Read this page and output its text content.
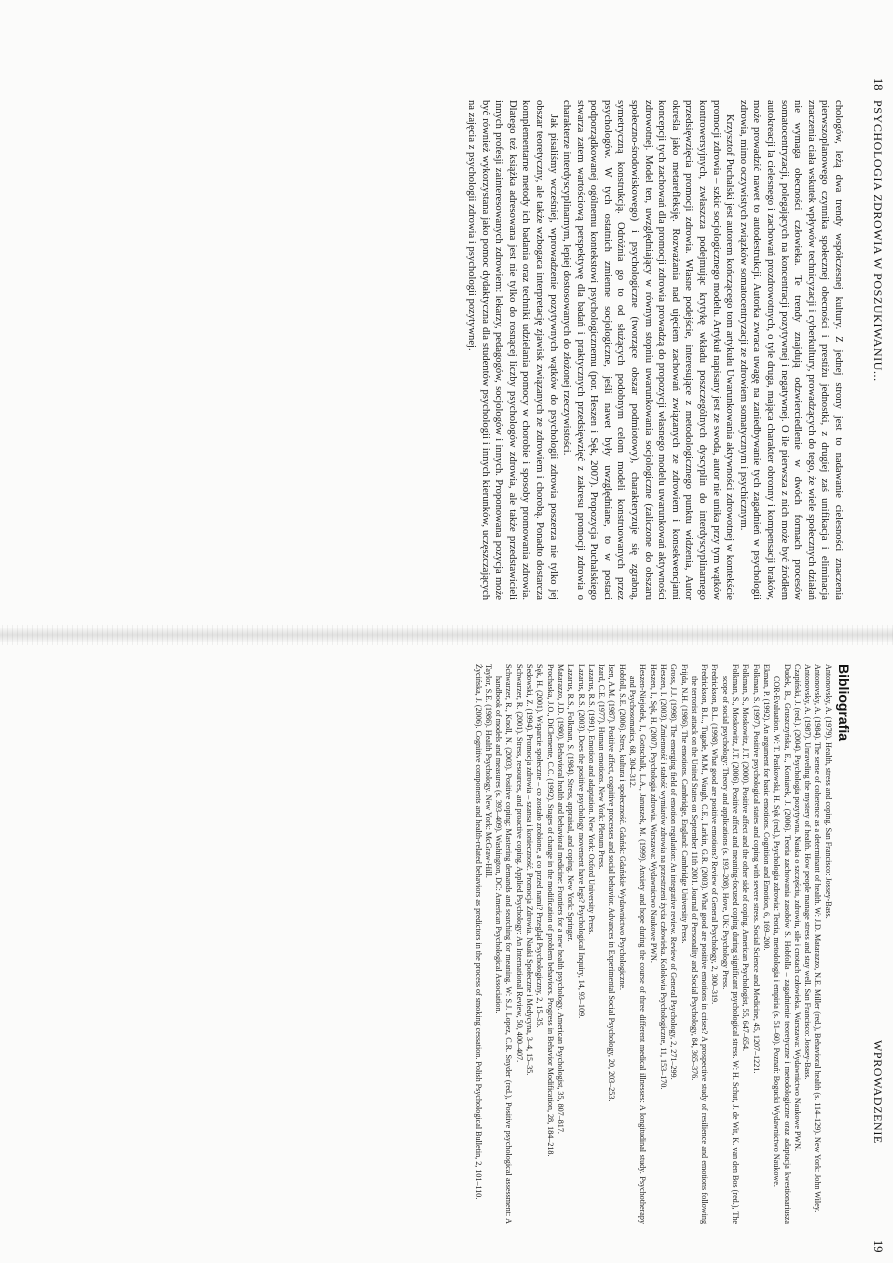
18
PSYCHOLOGIA ZDROWIA W POSZUKIWANIU...

chologów, leżą dwa trendy współczesnej kultury. Z jednej strony jest to nadawanie cielesności znaczenia pierwszoplanowego czynnika społecznej obecności i prestiżu jednostki, z drugiej zaś unifikacja i eliminacja znaczenia ciała wskutek wpływów technicyzacji i cyberkultury, prowadzących do tego, że wiele społecznych działań nie wymaga obecności człowieka. Te trendy znajdują odzwierciedlenie w dwóch formach procesów somatocentryzacji, polegających na koncentracji pozytywnej i negatywnej. O ile pierwsza z nich może być źródłem autokreacji la cielesnego i zachowań prozdrowotnych, o tyle druga, mająca charakter obronny i kompensacji braków, może prowadzić nawet to autodestrukcji. Autorka zwraca uwagę na zaniedbywanie tych zagadnień w psychologii zdrowia, mimo oczywistych związków somatocentryzacji ze zdrowiem somatycznym i psychicznym.

Krzysztof Puchalski jest autorem kończącego tom artykułu Uwarunkowania aktywności zdrowotnej w kontekście promocji zdrowia – szkic socjologicznego modelu. Artykuł napisany jest ze swoda, autor nie unika przy tym wątków kontrowersyjnych, zwłaszcza podejmując krytykę wkładu poszczególnych dyscyplin do interdyscyplinarnego przedsięwzięcia promocji zdrowia. Własne podejście, interesujące z metodologicznego punktu widzenia, Autor określa jako metarefleksję. Rozważania nad ujęciem zachowań związanych ze zdrowiem i konsekwencjami koncepcji tych zachowań dla promocji zdrowia prowadzą do propozycji własnego modelu uwarunkowań aktywności zdrowotnej. Model ten, uwzględniający w równym stopniu uwarunkowania socjologiczne (zaliczone do obszaru społeczno-środowiskowego) i psychologiczne (tworzące obszar podmiotowy), charakteryzuje się zgrabną, symetryczną konstrukcją. Odróżnia go to od służących podobnym celom modeli konstruowanych przez psychologów. W tych ostatnich zmienne socjologiczne, jeśli nawet były uwzględniane, to w postaci podporządkowanej ogólnemu kontekstowi psychologicznemu (por. Heszen i Sęk, 2007). Propozycja Puchalskiego stwarza zatem wartościową perspektywę dla badań i praktycznych przedsięwzięć z zakresu promocji zdrowia o charakterze interdyscyplinarnym, lepiej dostosowanych do złożonej rzeczywistości.

Jak pisaliśmy wcześniej, wprowadzenie pozytywnych wątków do psychologii zdrowia poszerza nie tylko jej obszar teoretyczny, ale także wzbogaca interpretację zjawisk związanych ze zdrowiem i chorobą. Ponadto dostarcza komplementarne metody ich badania oraz techniki udzielania pomocy w chorobie i sposoby promowania zdrowia. Dlatego też książka adresowana jest nie tylko do rosnącej liczby psychologów zdrowia, ale także przedstawicieli innych profesji zainteresowanych zdrowiem: lekarzy, pedagogów, socjologów i innych. Proponowana pozycja może być również wykorzystana jako pomoc dydaktyczna dla studentów psychologii i innych kierunków, uczęszczających na zajęcia z psychologii zdrowia i psychologii pozytywnej.

WPROWADZENIE
19
Bibliografia

Antonovsky, A. (1979). Health, stress and coping. San Francisco: Jossey-Bass.

Antonovsky, A. (1984). The sense of coherence as a determinant of health. W: J.D. Matarazzo, N.E. Miller (red.), Behavioral health (s. 114–129). New York: John Wiley.

Antonovsky, A. (1987). Unraveling the mystery of health. How people manage stress and stay well. San Francisco: Jossey-Bass.

Czapiński, J. (red.). (2004). Psychologia pozytywna. Nauka o szczęściu, zdrowiu, sile i cnotach człowieka. Warszawa: Wydawnictwo Naukowe PWN.

Dudek, B., Gruszczyńska, E., Koniarek, J. (2006). Teoria zachowania zasobów S. Hobfolla – zagadnienie teoretyczne i metodologiczne oraz adaptacja kwestionariusza COR-Evaluation. W: T. Pasikowski, H. Sęk (red.), Psychologia zdrowia: Teoria, metodologia i empiria (s. 51–60). Poznań: Bogucki Wydawnictwo Naukowe.

Ekman, P. (1992). An argument for basic emotions. Cognition and Emotion, 6, 169–200.

Folkman, S. (1997). Positive psychological states and coping with severe stress. Social Science and Medicine, 45, 1207–1221.

Folkman, S., Moskowitz, J.T. (2000). Positive affect and the other side of coping. American Psychologist, 55, 647–654.

Folkman, S., Moskowitz, J.T. (2006). Positive affect and meaning-focused coping during significant psychological stress. W: H. Schut, J. de Wit, K. van den Bos (red.), The scope of social psychology: Theory and applications (s. 193–208). Hove, UK: Psychology Press.

Fredrickson, B.L. (1998). What good are positive emotions? Review of General Psychology, 2, 300–319.

Fredrickson, B.L., Tugade, M.M., Waugh, C.E., Larkin, G.R. (2003). What good are positive emotions in crises? A prospective study of resilience and emotions following the terrorist attack on the United States on September 11th 2001. Journal of Personality and Social Psychology, 84, 365–376.

Frijda, N.H. (1986). The emotions. Cambridge, England: Cambridge University Press.

Gross, J.J. (1998). The emerging field of emotion regulation: An integrative review. Review of General Psychology, 2, 271–299.

Heszen, I. (2003). Zmienność i stałość wymiarów zdrowia na przestrzeni życia człowieka. Kolokwia Psychologiczne, 11, 153–170.

Heszen, I., Sęk, H. (2007). Psychologia zdrowia. Warszawa: Wydawnictwo Naukowe PWN.

Heszen-Niejodek, I., Gottschalk, L.A., Januszek, M. (1999). Anxiety and hope during the course of three different medical illnesses: A longitudinal study. Psychotherapy and Psychosomatics, 68, 304–312.

Hobfoll, S.E. (2006). Stres, kultura i społeczność. Gdańsk: Gdańskie Wydawnictwo Psychologiczne.

Isen, A.M. (1987). Positive affect, cognitive processes and social behavior. Advances in Experimental Social Psychology, 20, 203–253.

Izard, C.E. (1977). Human emotions. New York: Plenum Press.

Lazarus, R.S. (1991). Emotion and adaptation. New York: Oxford University Press.

Lazarus, R.S. (2003). Does the positive psychology movement have legs? Psychological Inquiry, 14, 93–109.

Lazarus, R.S., Folkman, S. (1984). Stress, appraisal, and coping. New York: Springer.

Matarazzo, J.D. (1980). Behavioral health and behavioral medicine: Frontiers for a new health psychology. American Psychologist, 35, 807–817.

Prochaska, J.O., DiClemente, C.C. (1992). Stages of change in the modification of problem behaviors. Progress in Behavior Modification, 28, 184–218.

Sęk, H. (2001). Wsparcie społeczne – co zostało zrobione, a co przed nami? Przegląd Psychologiczny, 2, 15–35.

Sedowski, Z. (1994). Promocja zdrowia – szansa i konieczność. Promocja Zdrowia. Nauki Społeczne i Medycyna, 3–4, 15–35.

Schwarzer, R. (2001). Stress, resources, and proactive coping. Applied Psychology: An International Review, 50, 400–407.

Schwarzer, R., Knoll, N. (2003). Positive coping: Mastering demands and searching for meaning. W: S.J. Lopez, C.R. Snyder (red.), Positive psychological assessment: A handbook of models and measures (s. 393–409). Washington, DC: American Psychological Association.

Taylor, S.E. (1986). Health Psychology. New York: McGraw-Hill.

Życińska, J. (2006). Cognitive components and health-related behaviors as predictors in the process of smoking cessation. Polish Psychological Bulletin, 2, 101–110.
